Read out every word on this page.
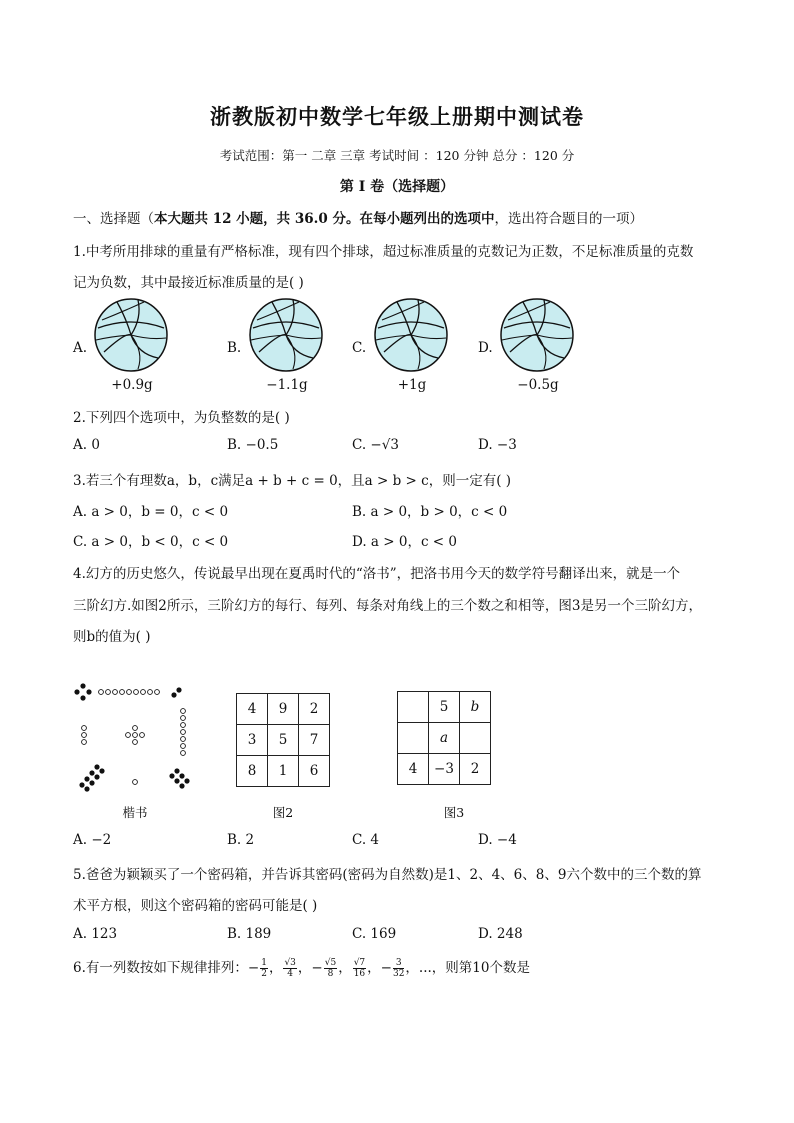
浙教版初中数学七年级上册期中测试卷
考试范围：第一 二章 三章 考试时间 ：120 分钟 总分 ：120 分
第 I 卷（选择题）
一、选择题（本大题共 12 小题，共 36.0 分。在每小题列出的选项中，选出符合题目的一项）
1.中考所用排球的重量有严格标准，现有四个排球，超过标准质量的克数记为正数，不足标准质量的克数
记为负数，其中最接近标准质量的是( )
A.
+0.9g
B.
−1.1g
C.
+1g
D.
−0.5g
2.下列四个选项中，为负整数的是( )
A. 0	B. −0.5	C. −√3	D. −3
3.若三个有理数a，b，c满足a + b + c = 0，且a > b > c，则一定有( )
A. a > 0，b = 0，c < 0	B. a > 0，b > 0，c < 0
C. a > 0，b < 0，c < 0	D. a > 0，c < 0
4.幻方的历史悠久，传说最早出现在夏禹时代的“洛书”，把洛书用今天的数学符号翻译出来，就是一个
三阶幻方.如图2所示，三阶幻方的每行、每列、每条对角线上的三个数之和相等，图3是另一个三阶幻方，
则b的值为( )
楷书
4	9	2
3	5	7
8	1	6
图2
	5	b
	a	
4	−3	2
图3
A. −2	B. 2	C. 4	D. −4
5.爸爸为颖颖买了一个密码箱，并告诉其密码(密码为自然数)是1、2、4、6、8、9六个数中的三个数的算
术平方根，则这个密码箱的密码可能是( )
A. 123	B. 189	C. 169	D. 248
6.有一列数按如下规律排列：− $\frac{1}{2}$ ， $\frac{√3}{4}$ ，− $\frac{√5}{8}$ ， $\frac{√7}{16}$ ，− $\frac{3}{32}$ ，...，则第10个数是
